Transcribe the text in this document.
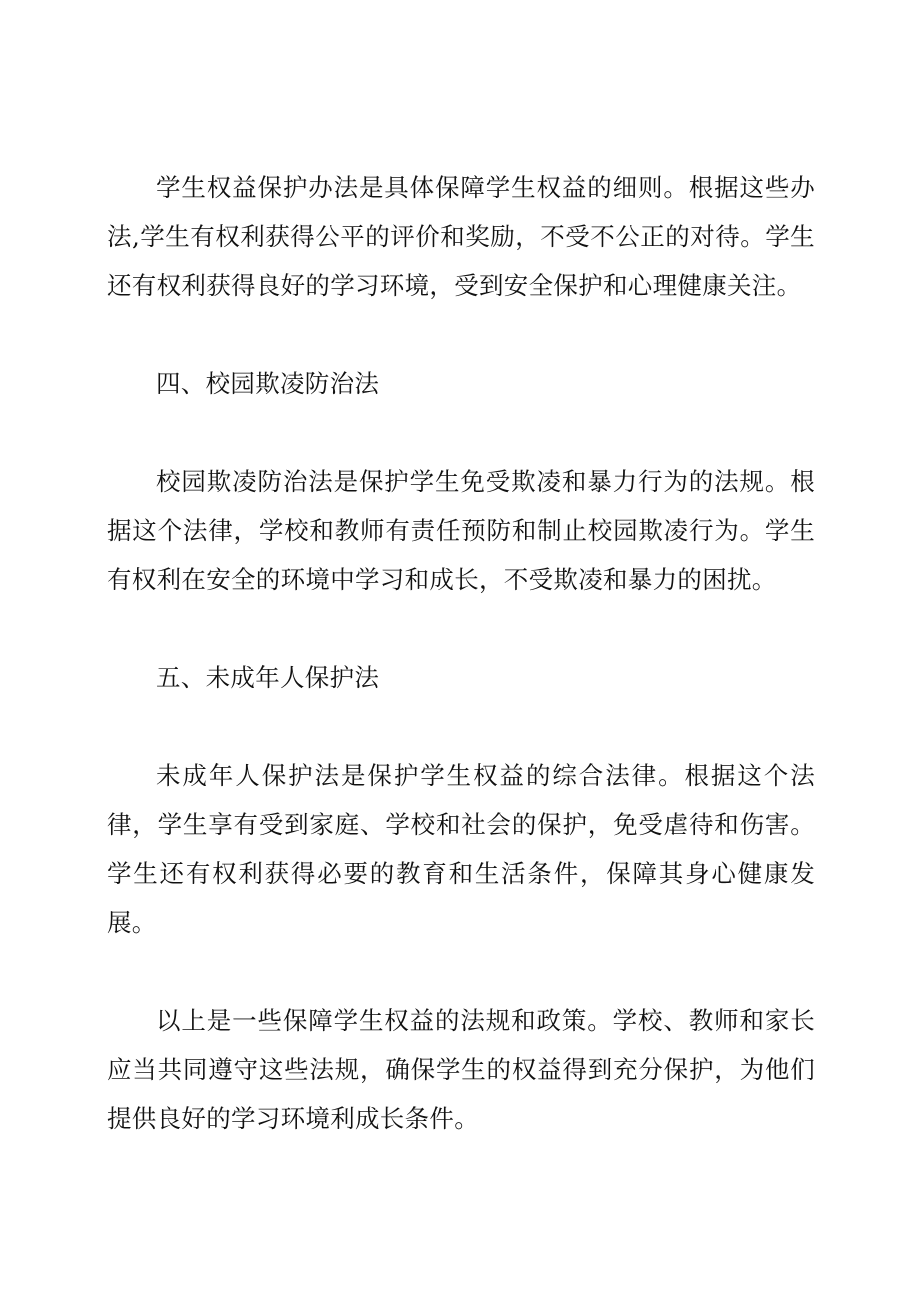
学生权益保护办法是具体保障学生权益的细则。根据这些办法,学生有权利获得公平的评价和奖励，不受不公正的对待。学生还有权利获得良好的学习环境，受到安全保护和心理健康关注。

四、校园欺凌防治法

校园欺凌防治法是保护学生免受欺凌和暴力行为的法规。根据这个法律，学校和教师有责任预防和制止校园欺凌行为。学生有权利在安全的环境中学习和成长，不受欺凌和暴力的困扰。

五、未成年人保护法

未成年人保护法是保护学生权益的综合法律。根据这个法律，学生享有受到家庭、学校和社会的保护，免受虐待和伤害。学生还有权利获得必要的教育和生活条件，保障其身心健康发展。

以上是一些保障学生权益的法规和政策。学校、教师和家长应当共同遵守这些法规，确保学生的权益得到充分保护，为他们提供良好的学习环境利成长条件。
